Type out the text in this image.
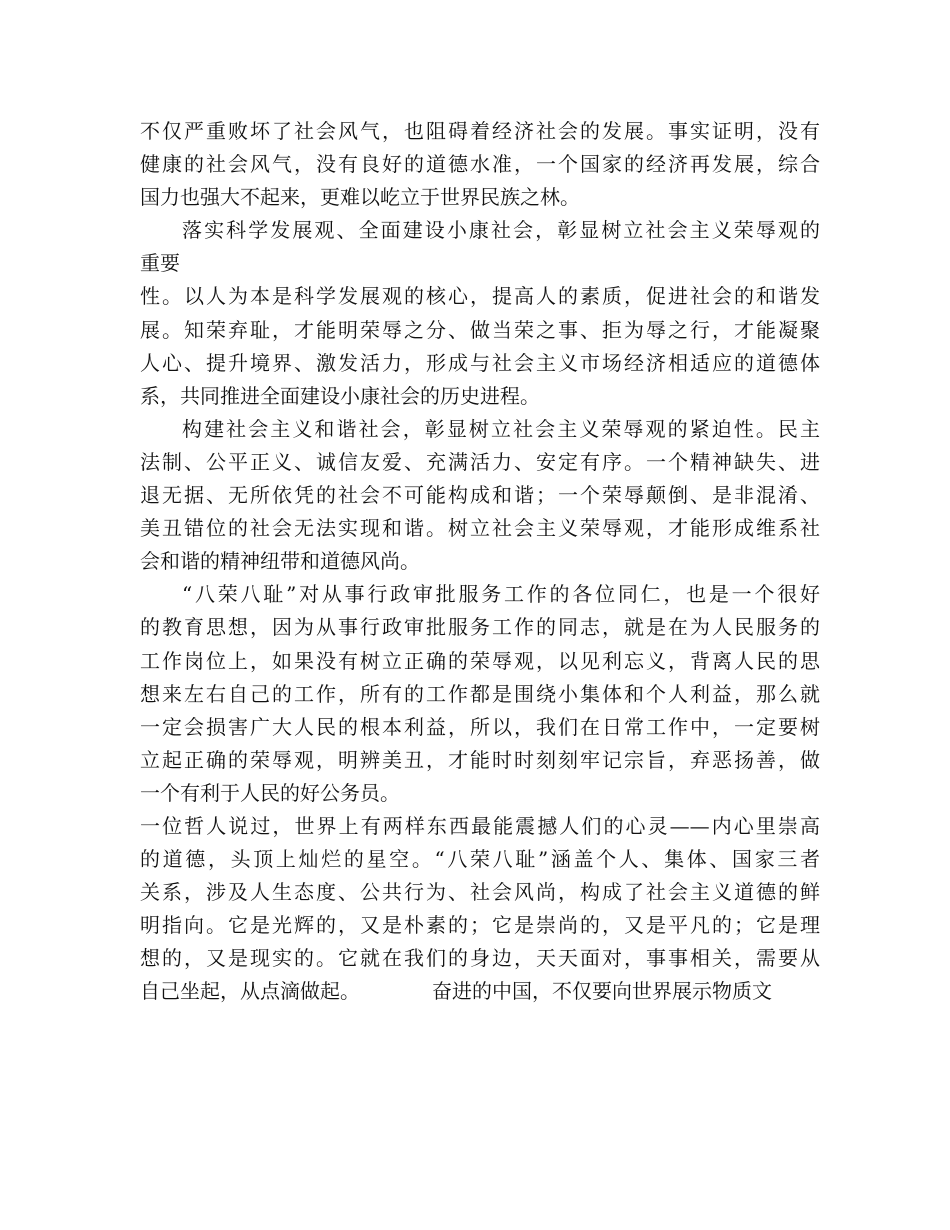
不仅严重败坏了社会风气，也阻碍着经济社会的发展。事实证明，没有
健康的社会风气，没有良好的道德水准，一个国家的经济再发展，综合
国力也强大不起来，更难以屹立于世界民族之林。
落实科学发展观、全面建设小康社会，彰显树立社会主义荣辱观的
重要
性。以人为本是科学发展观的核心，提高人的素质，促进社会的和谐发
展。知荣弃耻，才能明荣辱之分、做当荣之事、拒为辱之行，才能凝聚
人心、提升境界、激发活力，形成与社会主义市场经济相适应的道德体
系，共同推进全面建设小康社会的历史进程。
构建社会主义和谐社会，彰显树立社会主义荣辱观的紧迫性。民主
法制、公平正义、诚信友爱、充满活力、安定有序。一个精神缺失、进
退无据、无所依凭的社会不可能构成和谐；一个荣辱颠倒、是非混淆、
美丑错位的社会无法实现和谐。树立社会主义荣辱观，才能形成维系社
会和谐的精神纽带和道德风尚。
“八荣八耻”对从事行政审批服务工作的各位同仁，也是一个很好
的教育思想，因为从事行政审批服务工作的同志，就是在为人民服务的
工作岗位上，如果没有树立正确的荣辱观，以见利忘义，背离人民的思
想来左右自己的工作，所有的工作都是围绕小集体和个人利益，那么就
一定会损害广大人民的根本利益，所以，我们在日常工作中，一定要树
立起正确的荣辱观，明辨美丑，才能时时刻刻牢记宗旨，弃恶扬善，做
一个有利于人民的好公务员。
一位哲人说过，世界上有两样东西最能震撼人们的心灵——内心里崇高
的道德，头顶上灿烂的星空。“八荣八耻”涵盖个人、集体、国家三者
关系，涉及人生态度、公共行为、社会风尚，构成了社会主义道德的鲜
明指向。它是光辉的，又是朴素的；它是崇尚的，又是平凡的；它是理
想的，又是现实的。它就在我们的身边，天天面对，事事相关，需要从
自己坐起，从点滴做起。	奋进的中国，不仅要向世界展示物质文
